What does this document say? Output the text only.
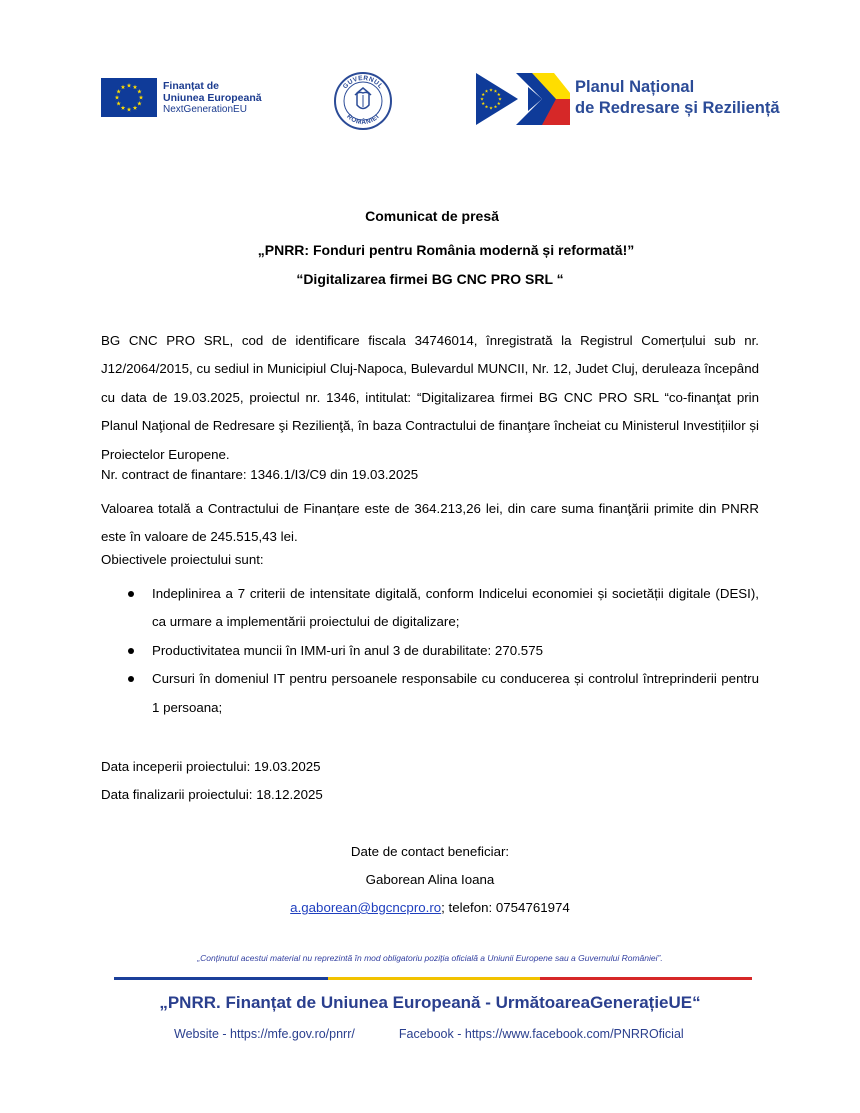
Finanțat de
Uniunea Europeană
NextGenerationEU
GUVERNUL
ROMÂNIEI
Planul Național
de Redresare și Reziliență
Comunicat de presă
„PNRR: Fonduri pentru România modernă și reformată!”
“Digitalizarea firmei BG CNC PRO SRL “
BG CNC PRO SRL, cod de identificare fiscala 34746014, înregistrată la Registrul Comerțului sub nr. J12/2064/2015, cu sediul in Municipiul Cluj-Napoca, Bulevardul MUNCII, Nr. 12, Judet Cluj, deruleaza începând cu data de 19.03.2025, proiectul nr. 1346, intitulat: “Digitalizarea firmei BG CNC PRO SRL “co-finanţat prin Planul Naţional de Redresare şi Rezilienţă, în baza Contractului de finanţare încheiat cu Ministerul Investițiilor și Proiectelor Europene.
Nr. contract de finantare: 1346.1/I3/C9 din 19.03.2025
Valoarea totală a Contractului de Finanțare este de 364.213,26 lei, din care suma finanţării primite din PNRR este în valoare de 245.515,43 lei.
Obiectivele proiectului sunt:
Indeplinirea a 7 criterii de intensitate digitală, conform Indicelui economiei și societății digitale (DESI), ca urmare a implementării proiectului de digitalizare;
Productivitatea muncii în IMM-uri în anul 3 de durabilitate: 270.575
Cursuri în domeniul IT pentru persoanele responsabile cu conducerea și controlul întreprinderii pentru 1 persoana;
Data inceperii proiectului: 19.03.2025
Data finalizarii proiectului: 18.12.2025
Date de contact beneficiar:
Gaborean Alina Ioana
a.gaborean@bgcncpro.ro; telefon: 0754761974
„Conținutul acestui material nu reprezintă în mod obligatoriu poziția oficială a Uniunii Europene sau a Guvernului României”.
„PNRR. Finanțat de Uniunea Europeană - UrmătoareaGenerațieUE“
Website - https://mfe.gov.ro/pnrr/	Facebook - https://www.facebook.com/PNRROficial
